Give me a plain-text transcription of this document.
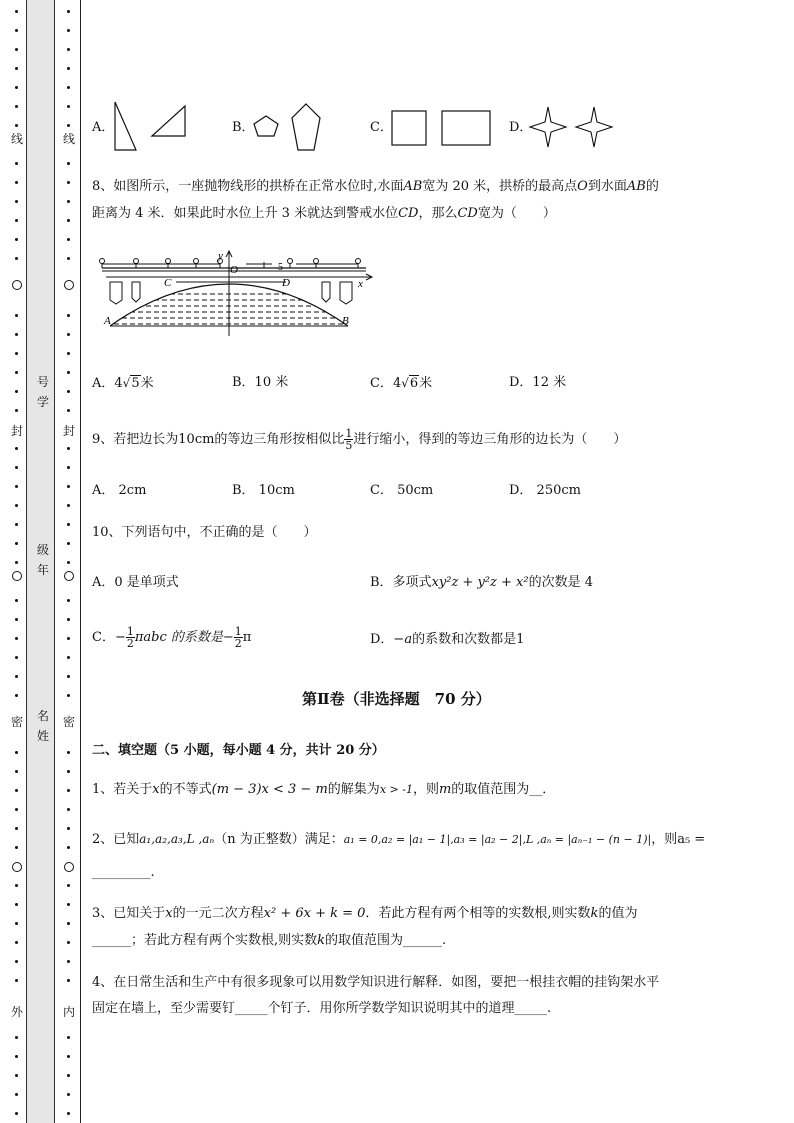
线
封
密
外
线
封
密
内
号
学
级
年
名
姓
A．	B．	C．	D．
8、如图所示，一座抛物线形的拱桥在正常水位时,水面AB宽为 20 米，拱桥的最高点O到水面AB的
距离为 4 米．如果此时水位上升 3 米就达到警戒水位CD，那么CD宽为（　　）
y
O	5
x
C	D
A	B
A．4√5米	B．10 米	C．4√6米	D．12 米
9、若把边长为10cm的等边三角形按相似比 $\frac{1}{5}$ 进行缩小，得到的等边三角形的边长为（　　）
A． 2cm	B． 10cm	C． 50cm	D． 250cm
10、下列语句中，不正确的是（　　）
A．0 是单项式	B．多项式xy²z + y²z + x²的次数是 4
C．− $\frac{1}{2}$ πabc 的系数是− $\frac{1}{2}$ π	D．−a的系数和次数都是1
第Ⅱ卷（非选择题　70 分）
二、填空题（5 小题，每小题 4 分，共计 20 分）
1、若关于x的不等式(m − 3)x < 3 − m的解集为x > -1，则m的取值范围为__．
2、已知a₁,a₂,a₃,L ,aₙ（n 为正整数）满足：a₁ = 0,a₂ = |a₁ − 1|,a₃ = |a₂ − 2|,L ,aₙ = |aₙ₋₁ − (n − 1)|，则a₅ =
_________.
3、已知关于x的一元二次方程x² + 6x + k = 0．若此方程有两个相等的实数根,则实数k的值为
______；若此方程有两个实数根,则实数k的取值范围为______.
4、在日常生活和生产中有很多现象可以用数学知识进行解释．如图，要把一根挂衣帽的挂钩架水平
固定在墙上，至少需要钉_____个钉子．用你所学数学知识说明其中的道理_____.
